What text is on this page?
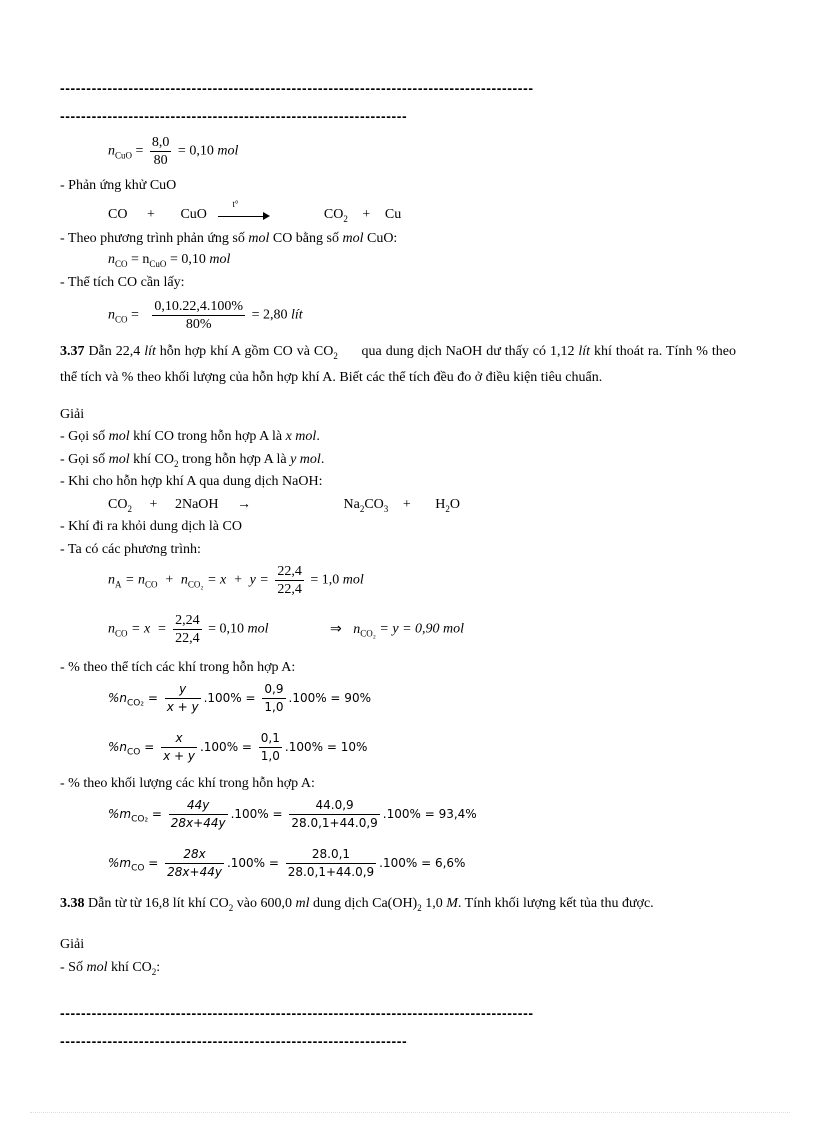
------------------------------------------------------------------------------------------
------------------------------------------------------------------
$n_{CuO} = \frac{8,0}{80} = 0,10$ mol
- Phản ứng khử CuO
CO + CuO
t°
$CO_2 + Cu$
- Theo phương trình phản ứng số mol CO bằng số mol CuO:
$n_{CO} = n_{CuO} = 0,10$ mol
- Thể tích CO cần lấy:
$n_{CO} = \frac{0,10.22,4.100\%}{80\%} = 2,80$ lít
3.37 Dẫn 22,4 lít hỗn hợp khí A gồm CO và $CO_2$      qua dung dịch NaOH dư thấy có 1,12 lít khí thoát ra. Tính % theo thể tích và % theo khối lượng của hỗn hợp khí A. Biết các thể tích đều đo ở điều kiện tiêu chuẩn.
Giải
- Gọi số mol khí CO trong hỗn hợp A là x mol.
- Gọi số mol khí $CO_2$ trong hỗn hợp A là y mol.
- Khi cho hỗn hợp khí A qua dung dịch NaOH:
$CO_2$ + 2NaOH →	$Na_2CO_3 + H_2O$
- Khí đi ra khỏi dung dịch là CO
- Ta có các phương trình:
$n_A = n_{CO} + n_{CO_2} = x + y = \frac{22,4}{22,4} = 1,0$ mol
$n_{CO} = x = \frac{2,24}{22,4} = 0,10$ mol	⇒ $n_{CO_2} = y = 0,90$ mol
- % theo thể tích các khí trong hỗn hợp A:
$\%n_{CO_2} = \frac{y}{x + y} .100\% = \frac{0,9}{1,0} .100\% = 90\%$
$\%n_{CO} = \frac{x}{x + y} .100\% = \frac{0,1}{1,0} .100\% = 10\%$
- % theo khối lượng các khí trong hỗn hợp A:
$\%m_{CO_2} = \frac{44y}{28x+44y} .100\% = \frac{44.0,9}{28.0,1+44.0,9} .100\% = 93,4\%$
$\%m_{CO} = \frac{28x}{28x+44y} .100\% = \frac{28.0,1}{28.0,1+44.0,9} .100\% = 6,6\%$
3.38 Dẫn từ từ 16,8 lít khí $CO_2$ vào 600,0 ml dung dịch $Ca(OH)_2$ 1,0 M. Tính khối lượng kết tủa thu được.
Giải
- Số mol khí $CO_2$:
------------------------------------------------------------------------------------------
------------------------------------------------------------------
